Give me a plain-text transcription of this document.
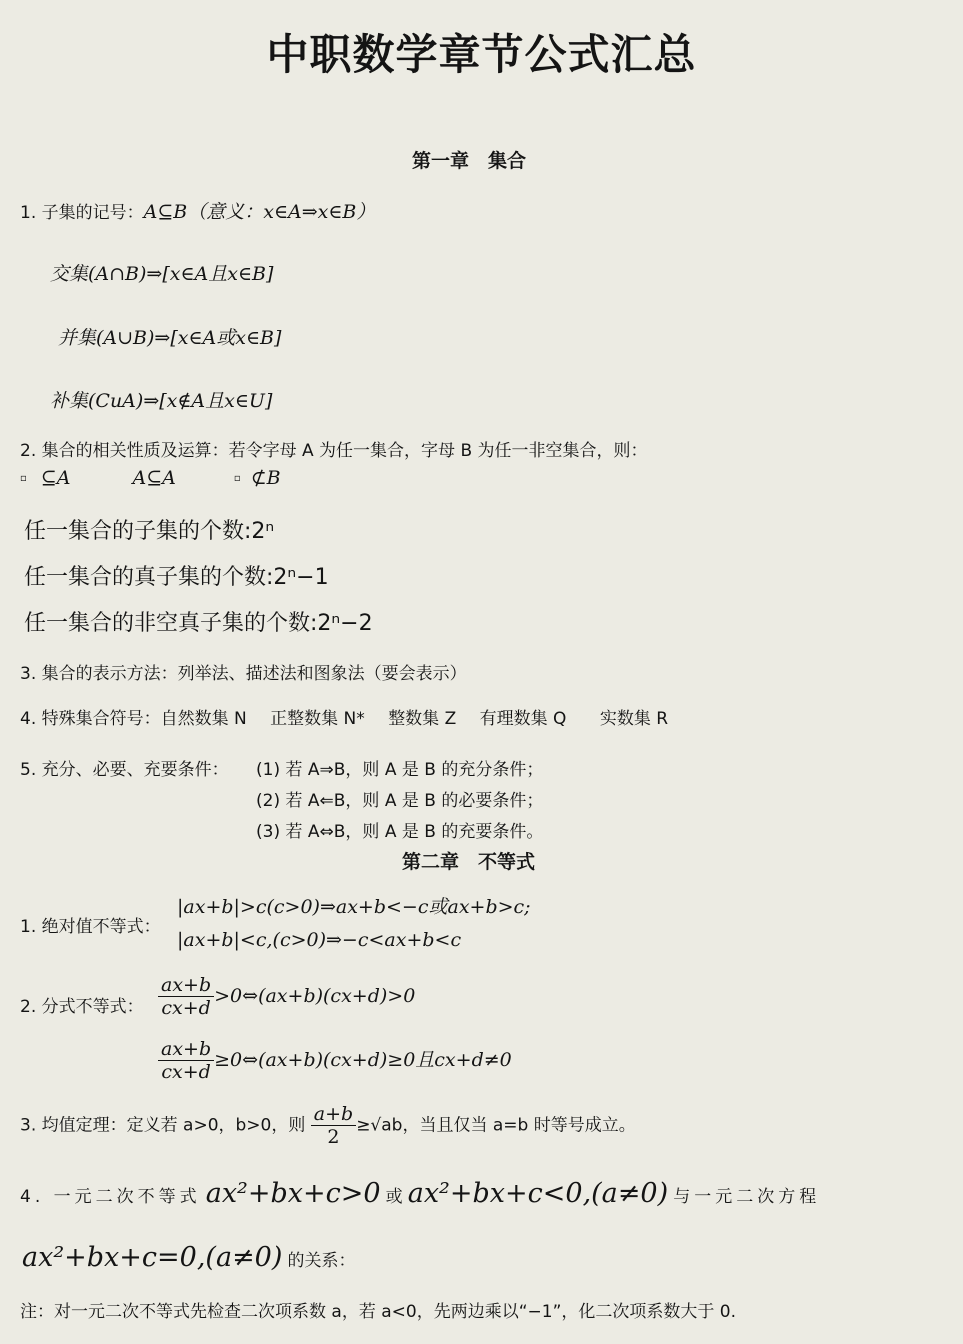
中职数学章节公式汇总
第一章　集合
1. 子集的记号：A⊆B（意义：x∈A⇒x∈B）
交集(A∩B)⇒[x∈A且x∈B]
并集(A∪B)⇒[x∈A或x∈B]
补集(CuA)⇒[x∉A且x∈U]
2. 集合的相关性质及运算：若令字母 A 为任一集合，字母 B 为任一非空集合，则：
▫ ⊆A	A⊆A	▫ ⊄B
任一集合的子集的个数:2ⁿ
任一集合的真子集的个数:2ⁿ−1
任一集合的非空真子集的个数:2ⁿ−2
3. 集合的表示方法：列举法、描述法和图象法（要会表示）
4. 特殊集合符号：自然数集 N 正整数集 N* 整数集 Z 有理数集 Q 实数集 R
5. 充分、必要、充要条件： (1) 若 A⇒B，则 A 是 B 的充分条件；
(2) 若 A⇐B，则 A 是 B 的必要条件；
(3) 若 A⇔B，则 A 是 B 的充要条件。
第二章　不等式
1. 绝对值不等式：
|ax+b|>c(c>0)⇒ax+b<−c或ax+b>c;
|ax+b|<c,(c>0)⇒−c<ax+b<c
2. 分式不等式： $\frac{ax+b}{cx+d}$ >0⇔(ax+b)(cx+d)>0
$\frac{ax+b}{cx+d}$ ≥0⇔(ax+b)(cx+d)≥0且cx+d≠0
3. 均值定理：定义若 a>0，b>0，则 $\frac{a+b}{2} \ge√ab$，当且仅当 a=b 时等号成立。
4. 一元二次不等式 ax²+bx+c>0 或 ax²+bx+c<0,(a≠0) 与一元二次方程
ax²+bx+c=0,(a≠0) 的关系：
注：对一元二次不等式先检查二次项系数 a，若 a<0，先两边乘以“−1”，化二次项系数大于 0.
